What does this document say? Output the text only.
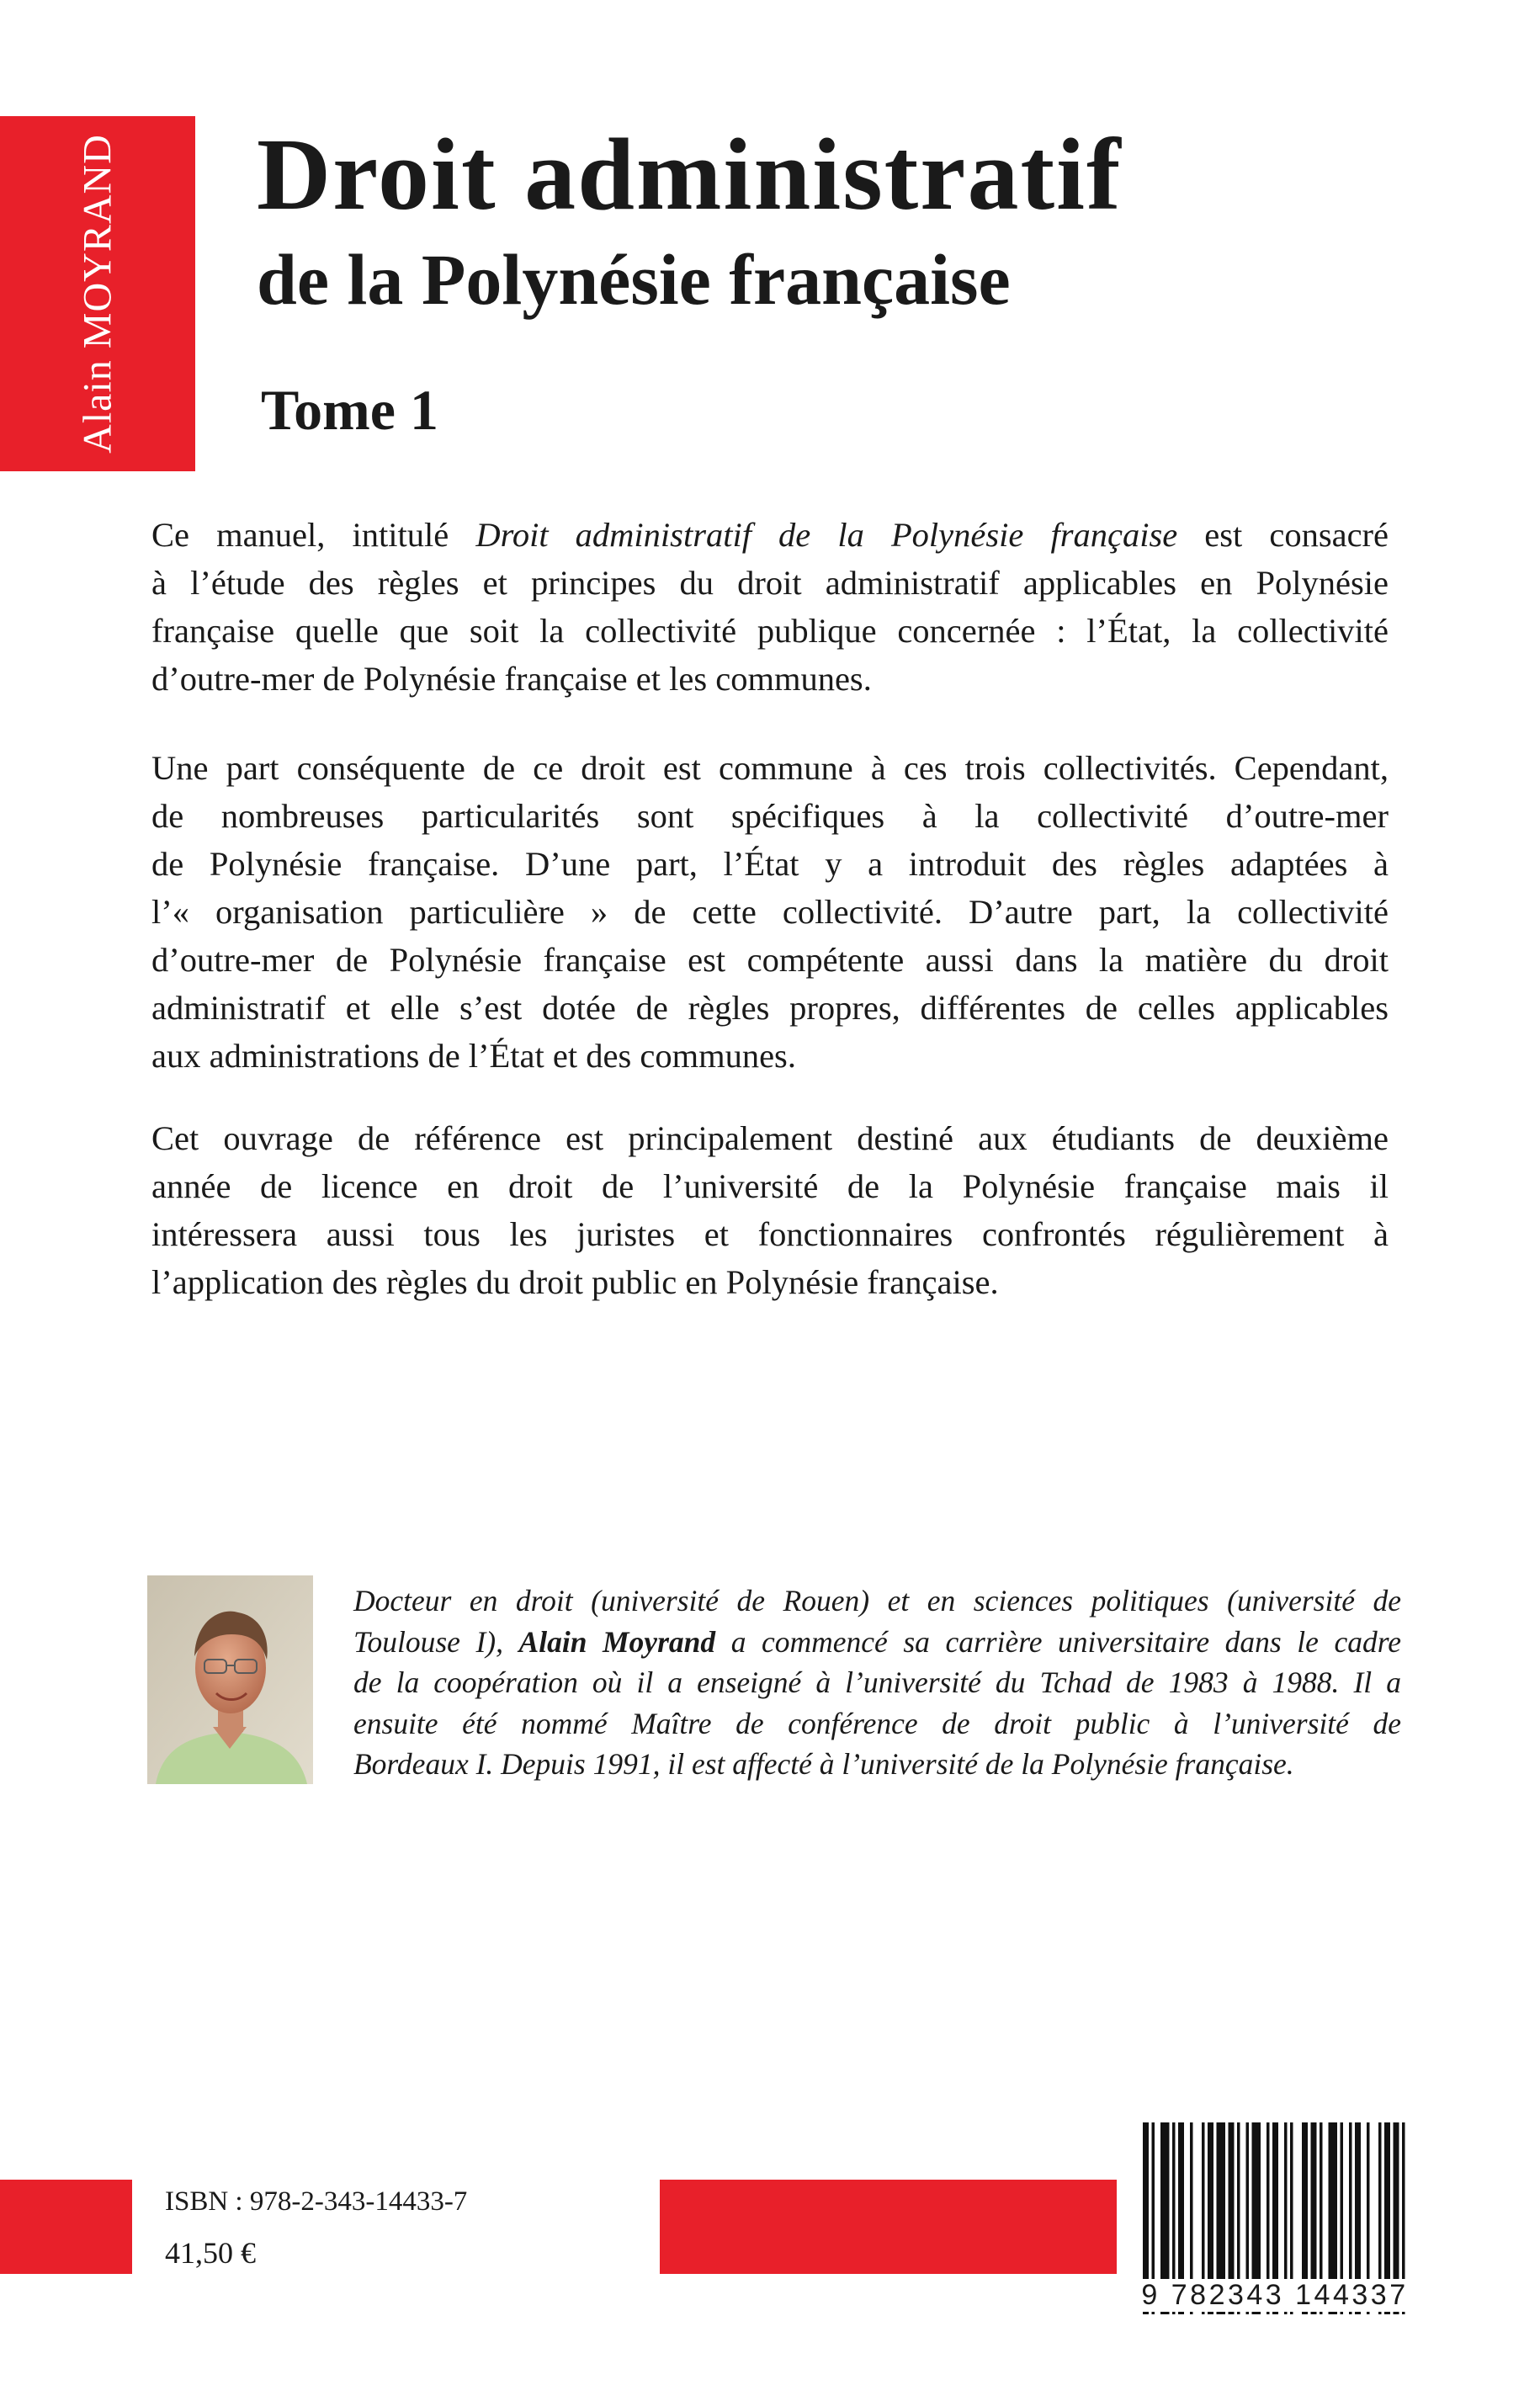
Alain MOYRAND Droit administratif
de la Polynésie française
Tome 1

Ce manuel, intitulé Droit administratif de la Polynésie française est consacré
à l’étude des règles et principes du droit administratif applicables en Polynésie
française quelle que soit la collectivité publique concernée : l’État, la collectivité
d’outre-mer de Polynésie française et les communes.

Une part conséquente de ce droit est commune à ces trois collectivités. Cependant,
de nombreuses particularités sont spécifiques à la collectivité d’outre-mer
de Polynésie française. D’une part, l’État y a introduit des règles adaptées à
l’« organisation particulière » de cette collectivité. D’autre part, la collectivité
d’outre-mer de Polynésie française est compétente aussi dans la matière du droit
administratif et elle s’est dotée de règles propres, différentes de celles applicables
aux administrations de l’État et des communes.

Cet ouvrage de référence est principalement destiné aux étudiants de deuxième
année de licence en droit de l’université de la Polynésie française mais il
intéressera aussi tous les juristes et fonctionnaires confrontés régulièrement à
l’application des règles du droit public en Polynésie française.

Docteur en droit (université de Rouen) et en sciences politiques (université de
Toulouse I), Alain Moyrand a commencé sa carrière universitaire dans le cadre
de la coopération où il a enseigné à l’université du Tchad de 1983 à 1988. Il a
ensuite été nommé Maître de conférence de droit public à l’université de
Bordeaux I. Depuis 1991, il est affecté à l’université de la Polynésie française.

ISBN : 978-2-343-14433-7
41,50 €
9 782343 144337
